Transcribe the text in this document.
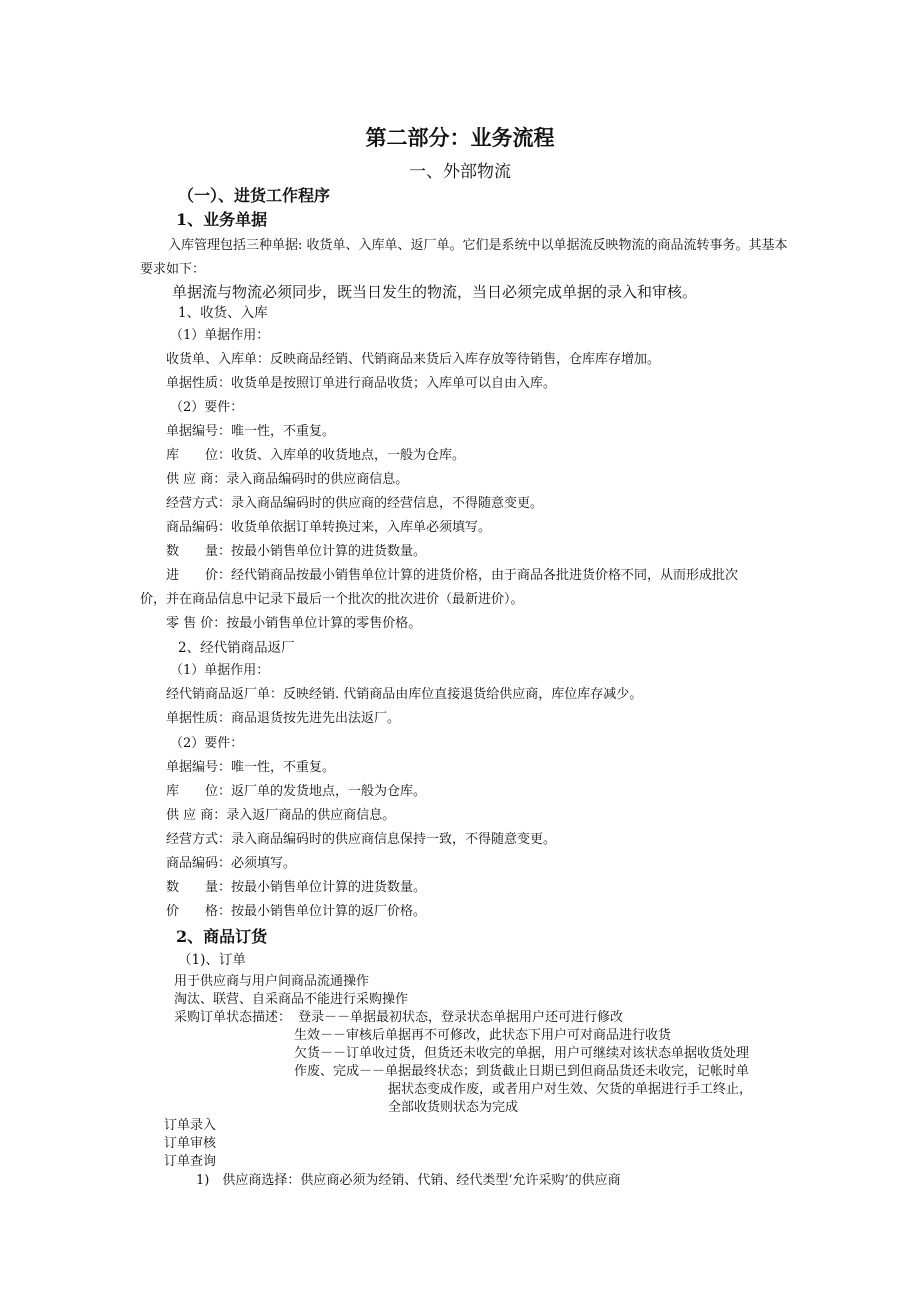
第二部分：业务流程
一、外部物流
（一）、进货工作程序
1、业务单据
入库管理包括三种单据: 收货单、入库单、返厂单。它们是系统中以单据流反映物流的商品流转事务。其基本要求如下：
单据流与物流必须同步，既当日发生的物流，当日必须完成单据的录入和审核。
1、收货、入库
（1）单据作用：
收货单、入库单：反映商品经销、代销商品来货后入库存放等待销售，仓库库存增加。
单据性质：收货单是按照订单进行商品收货；入库单可以自由入库。
（2）要件：
单据编号：唯一性，不重复。
库　　位：收货、入库单的收货地点，一般为仓库。
供 应 商：录入商品编码时的供应商信息。
经营方式：录入商品编码时的供应商的经营信息，不得随意变更。
商品编码：收货单依据订单转换过来，入库单必须填写。
数　　量：按最小销售单位计算的进货数量。
进　　价：经代销商品按最小销售单位计算的进货价格，由于商品各批进货价格不同，从而形成批次
价，并在商品信息中记录下最后一个批次的批次进价（最新进价）。
零 售 价：按最小销售单位计算的零售价格。
2、经代销商品返厂
（1）单据作用：
经代销商品返厂单：反映经销. 代销商品由库位直接退货给供应商，库位库存减少。
单据性质：商品退货按先进先出法返厂。
（2）要件：
单据编号：唯一性，不重复。
库　　位：返厂单的发货地点，一般为仓库。
供 应 商：录入返厂商品的供应商信息。
经营方式：录入商品编码时的供应商信息保持一致，不得随意变更。
商品编码：必须填写。
数　　量：按最小销售单位计算的进货数量。
价　　格：按最小销售单位计算的返厂价格。
2、商品订货
（1)、订单
用于供应商与用户间商品流通操作
淘汰、联营、自采商品不能进行采购操作
采购订单状态描述： 登录－－单据最初状态，登录状态单据用户还可进行修改
生效－－审核后单据再不可修改，此状态下用户可对商品进行收货
欠货－－订单收过货，但货还未收完的单据，用户可继续对该状态单据收货处理
作废、完成－－单据最终状态；到货截止日期已到但商品货还未收完，记帐时单
据状态变成作废，或者用户对生效、欠货的单据进行手工终止，
全部收货则状态为完成
订单录入
订单审核
订单查询
1)　供应商选择：供应商必须为经销、代销、经代类型‘允许采购’的供应商
